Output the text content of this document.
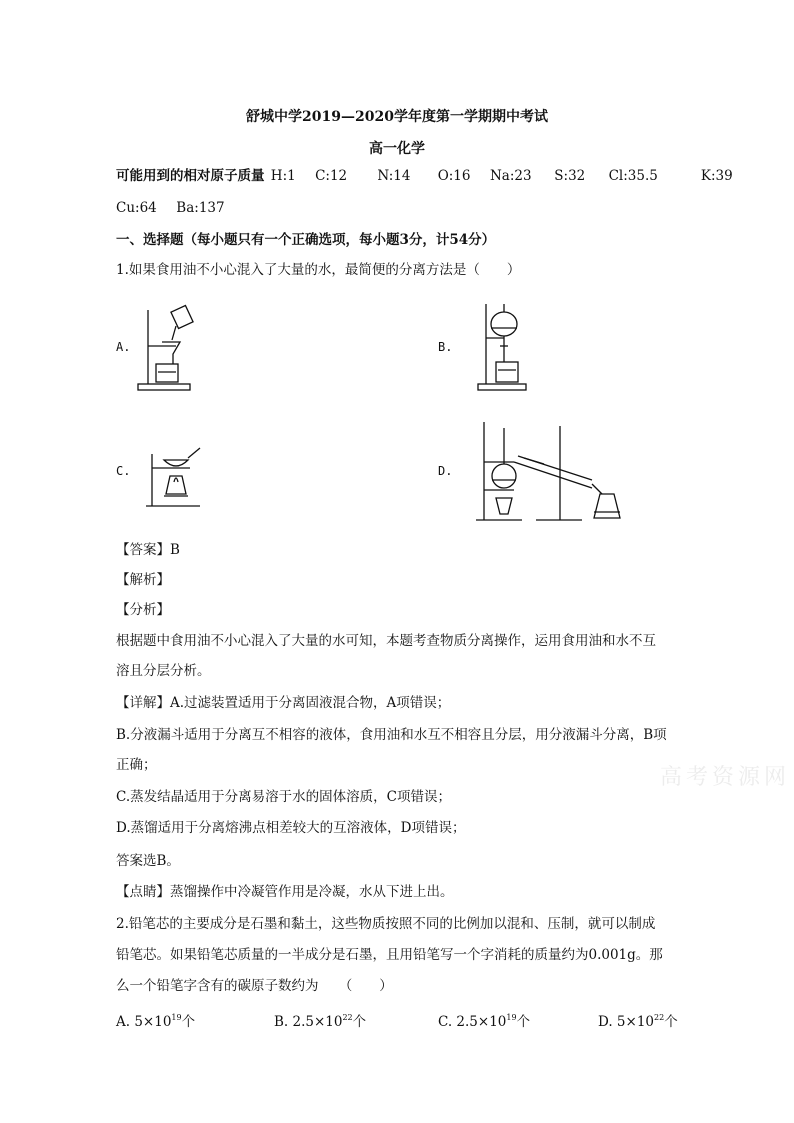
舒城中学2019—2020学年度第一学期期中考试
高一化学
可能用到的相对原子质量 H:1 C:12 N:14 O:16 Na:23 S:32 Cl:35.5	K:39
Cu:64 Ba:137
一、选择题（每小题只有一个正确选项，每小题3分，计54分）
1.如果食用油不小心混入了大量的水，最简便的分离方法是（　　）
A.	B.
C.	D.
【答案】B
【解析】
【分析】
根据题中食用油不小心混入了大量的水可知，本题考查物质分离操作，运用食用油和水不互
溶且分层分析。
【详解】A.过滤装置适用于分离固液混合物，A项错误；
B.分液漏斗适用于分离互不相容的液体，食用油和水互不相容且分层，用分液漏斗分离，B项
正确；
C.蒸发结晶适用于分离易溶于水的固体溶质，C项错误；
D.蒸馏适用于分离熔沸点相差较大的互溶液体，D项错误；
答案选B。
【点睛】蒸馏操作中冷凝管作用是冷凝，水从下进上出。
2.铅笔芯的主要成分是石墨和黏土，这些物质按照不同的比例加以混和、压制，就可以制成
铅笔芯。如果铅笔芯质量的一半成分是石墨，且用铅笔写一个字消耗的质量约为0.001g。那
么一个铅笔字含有的碳原子数约为　　（　　）
A. $5\times 10^{19}$个	B. $2.5\times 10^{22}$个	C. $2.5\times 10^{19}$个	D. $5\times 10^{22}$个
高考资源网
